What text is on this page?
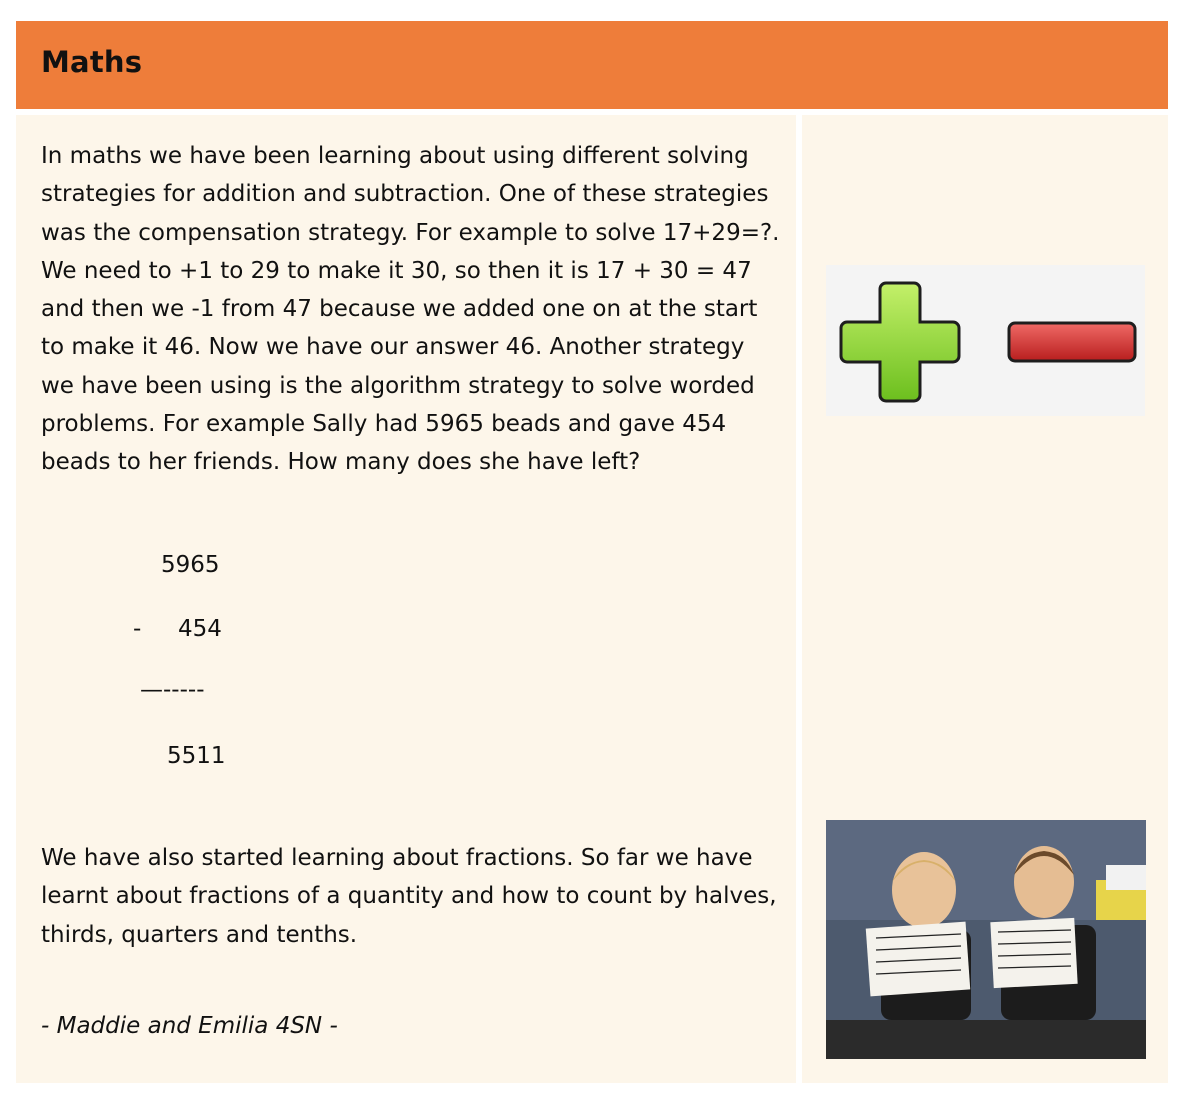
Maths

In maths we have been learning about using different solving strategies for addition and subtraction. One of these strategies was the compensation strategy. For example to solve 17+29=?. We need to +1 to 29 to make it 30, so then it is 17 + 30 = 47 and then we -1 from 47 because we added one on at the start to make it 46. Now we have our answer 46. Another strategy we have been using is the algorithm strategy to solve worded problems. For example Sally had 5965 beads and gave 454 beads to her friends. How many does she have left?

5965
- 454
—-----
5511

We have also started learning about fractions. So far we have learnt about fractions of a quantity and how to count by halves, thirds, quarters and tenths.

- Maddie and Emilia 4SN -
